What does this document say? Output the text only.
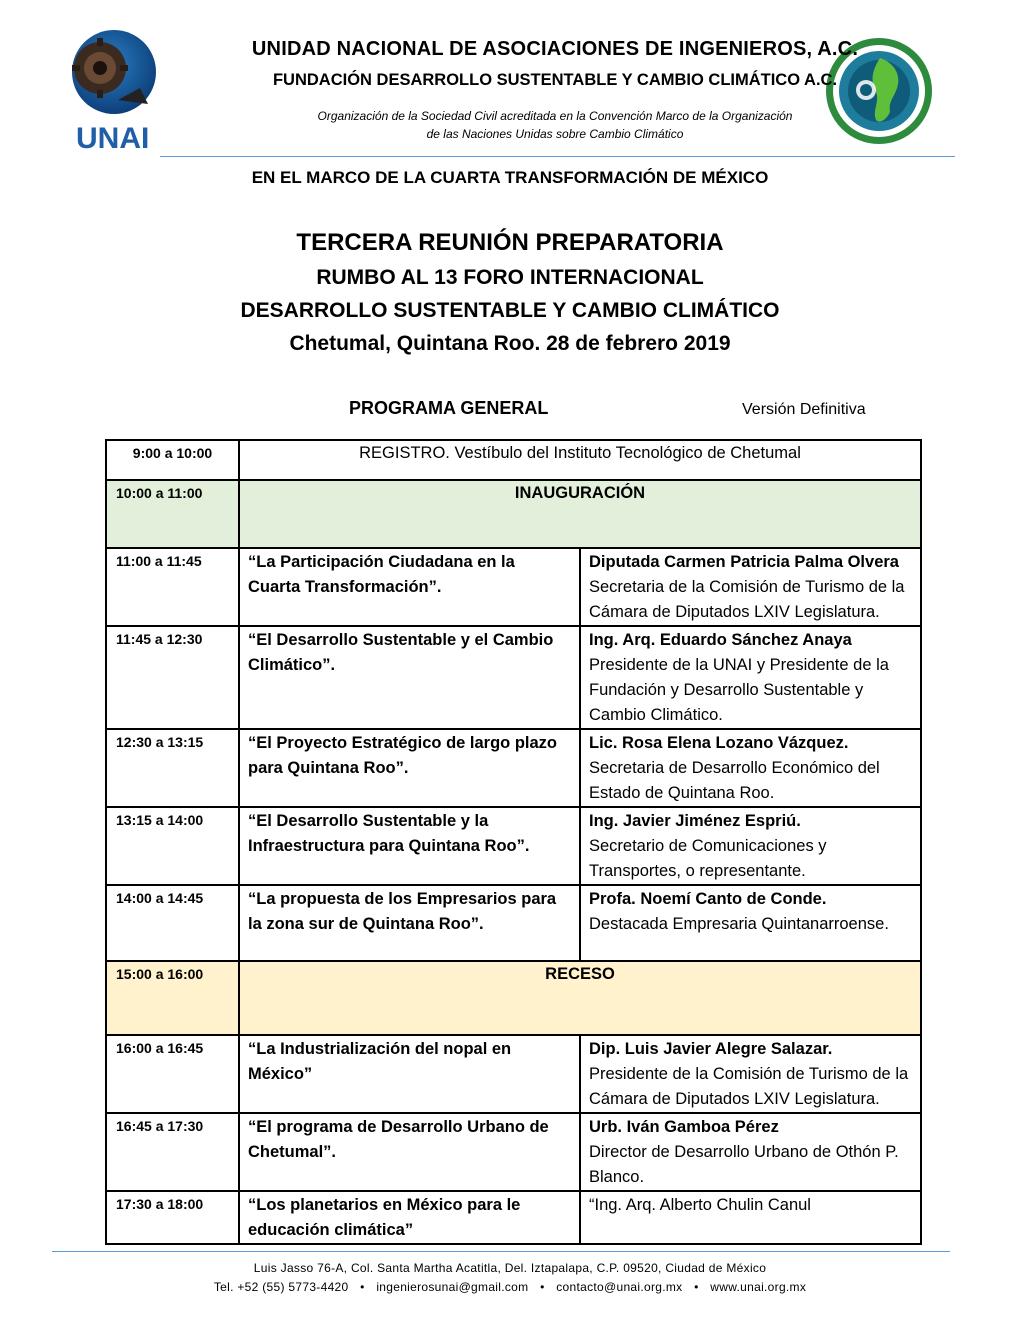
UNAI
UNIDAD NACIONAL DE ASOCIACIONES DE INGENIEROS, A.C.
FUNDACIÓN DESARROLLO SUSTENTABLE Y CAMBIO CLIMÁTICO A.C.
Organización de la Sociedad Civil acreditada en la Convención Marco de la Organización
de las Naciones Unidas sobre Cambio Climático
EN EL MARCO DE LA CUARTA TRANSFORMACIÓN DE MÉXICO
TERCERA REUNIÓN PREPARATORIA
RUMBO AL 13 FORO INTERNACIONAL
DESARROLLO SUSTENTABLE Y CAMBIO CLIMÁTICO
Chetumal, Quintana Roo. 28 de febrero 2019
PROGRAMA GENERAL	Versión Definitiva
9:00 a 10:00	REGISTRO. Vestíbulo del Instituto Tecnológico de Chetumal	
10:00 a 11:00	INAUGURACIÓN	
11:00 a 11:45	“La Participación Ciudadana en la Cuarta Transformación”.	Diputada Carmen Patricia Palma Olvera
Secretaria de la Comisión de Turismo de la Cámara de Diputados LXIV Legislatura.

11:45 a 12:30	“El Desarrollo Sustentable y el Cambio Climático”.	Ing. Arq. Eduardo Sánchez Anaya
Presidente de la UNAI y Presidente de la Fundación y Desarrollo Sustentable y Cambio Climático.

12:30 a 13:15	“El Proyecto Estratégico de largo plazo para Quintana Roo”.	Lic. Rosa Elena Lozano Vázquez.
Secretaria de Desarrollo Económico del Estado de Quintana Roo.

13:15 a 14:00	“El Desarrollo Sustentable y la Infraestructura para Quintana Roo”.	Ing. Javier Jiménez Espriú.
Secretario de Comunicaciones y Transportes, o representante.

14:00 a 14:45	“La propuesta de los Empresarios para la zona sur de Quintana Roo”.	Profa. Noemí Canto de Conde.
Destacada Empresaria Quintanarroense.

15:00 a 16:00	RECESO	
16:00 a 16:45	“La Industrialización del nopal en México”	Dip. Luis Javier Alegre Salazar.
Presidente de la Comisión de Turismo de la Cámara de Diputados LXIV Legislatura.

16:45 a 17:30	“El programa de Desarrollo Urbano de Chetumal”.	Urb. Iván Gamboa Pérez
Director de Desarrollo Urbano de Othón P. Blanco.

17:30 a 18:00	“Los planetarios en México para le educación climática”	“Ing. Arq. Alberto Chulin Canul
Luis Jasso 76-A, Col. Santa Martha Acatitla, Del. Iztapalapa, C.P. 09520, Ciudad de México
Tel. +52 (55) 5773-4420 • ingenierosunai@gmail.com • contacto@unai.org.mx • www.unai.org.mx
